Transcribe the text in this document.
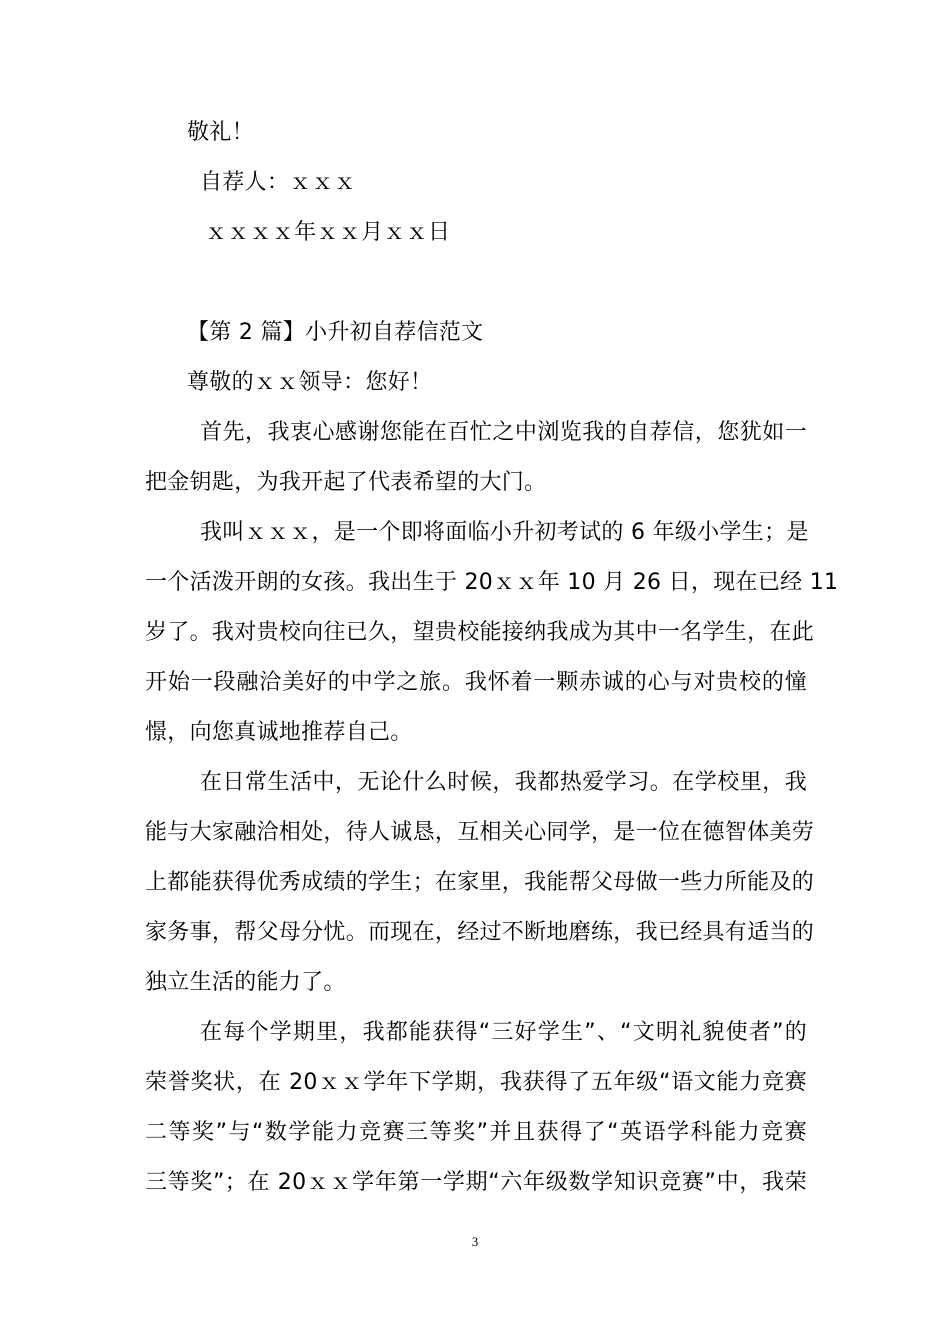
敬礼！
自荐人：ｘｘｘ
ｘｘｘｘ年ｘｘ月ｘｘ日
【第 2 篇】小升初自荐信范文
尊敬的ｘｘ领导：您好！
首先，我衷心感谢您能在百忙之中浏览我的自荐信，您犹如一
把金钥匙，为我开起了代表希望的大门。
我叫ｘｘｘ，是一个即将面临小升初考试的 6 年级小学生；是
一个活泼开朗的女孩。我出生于 20ｘｘ年 10 月 26 日，现在已经 11
岁了。我对贵校向往已久，望贵校能接纳我成为其中一名学生，在此
开始一段融洽美好的中学之旅。我怀着一颗赤诚的心与对贵校的憧
憬，向您真诚地推荐自己。
在日常生活中，无论什么时候，我都热爱学习。在学校里，我
能与大家融洽相处，待人诚恳，互相关心同学，是一位在德智体美劳
上都能获得优秀成绩的学生；在家里，我能帮父母做一些力所能及的
家务事，帮父母分忧。而现在，经过不断地磨练，我已经具有适当的
独立生活的能力了。
在每个学期里，我都能获得“三好学生”、“文明礼貌使者”的
荣誉奖状，在 20ｘｘ学年下学期，我获得了五年级“语文能力竞赛
二等奖”与“数学能力竞赛三等奖”并且获得了“英语学科能力竞赛
三等奖”；在 20ｘｘ学年第一学期“六年级数学知识竞赛”中，我荣
3
